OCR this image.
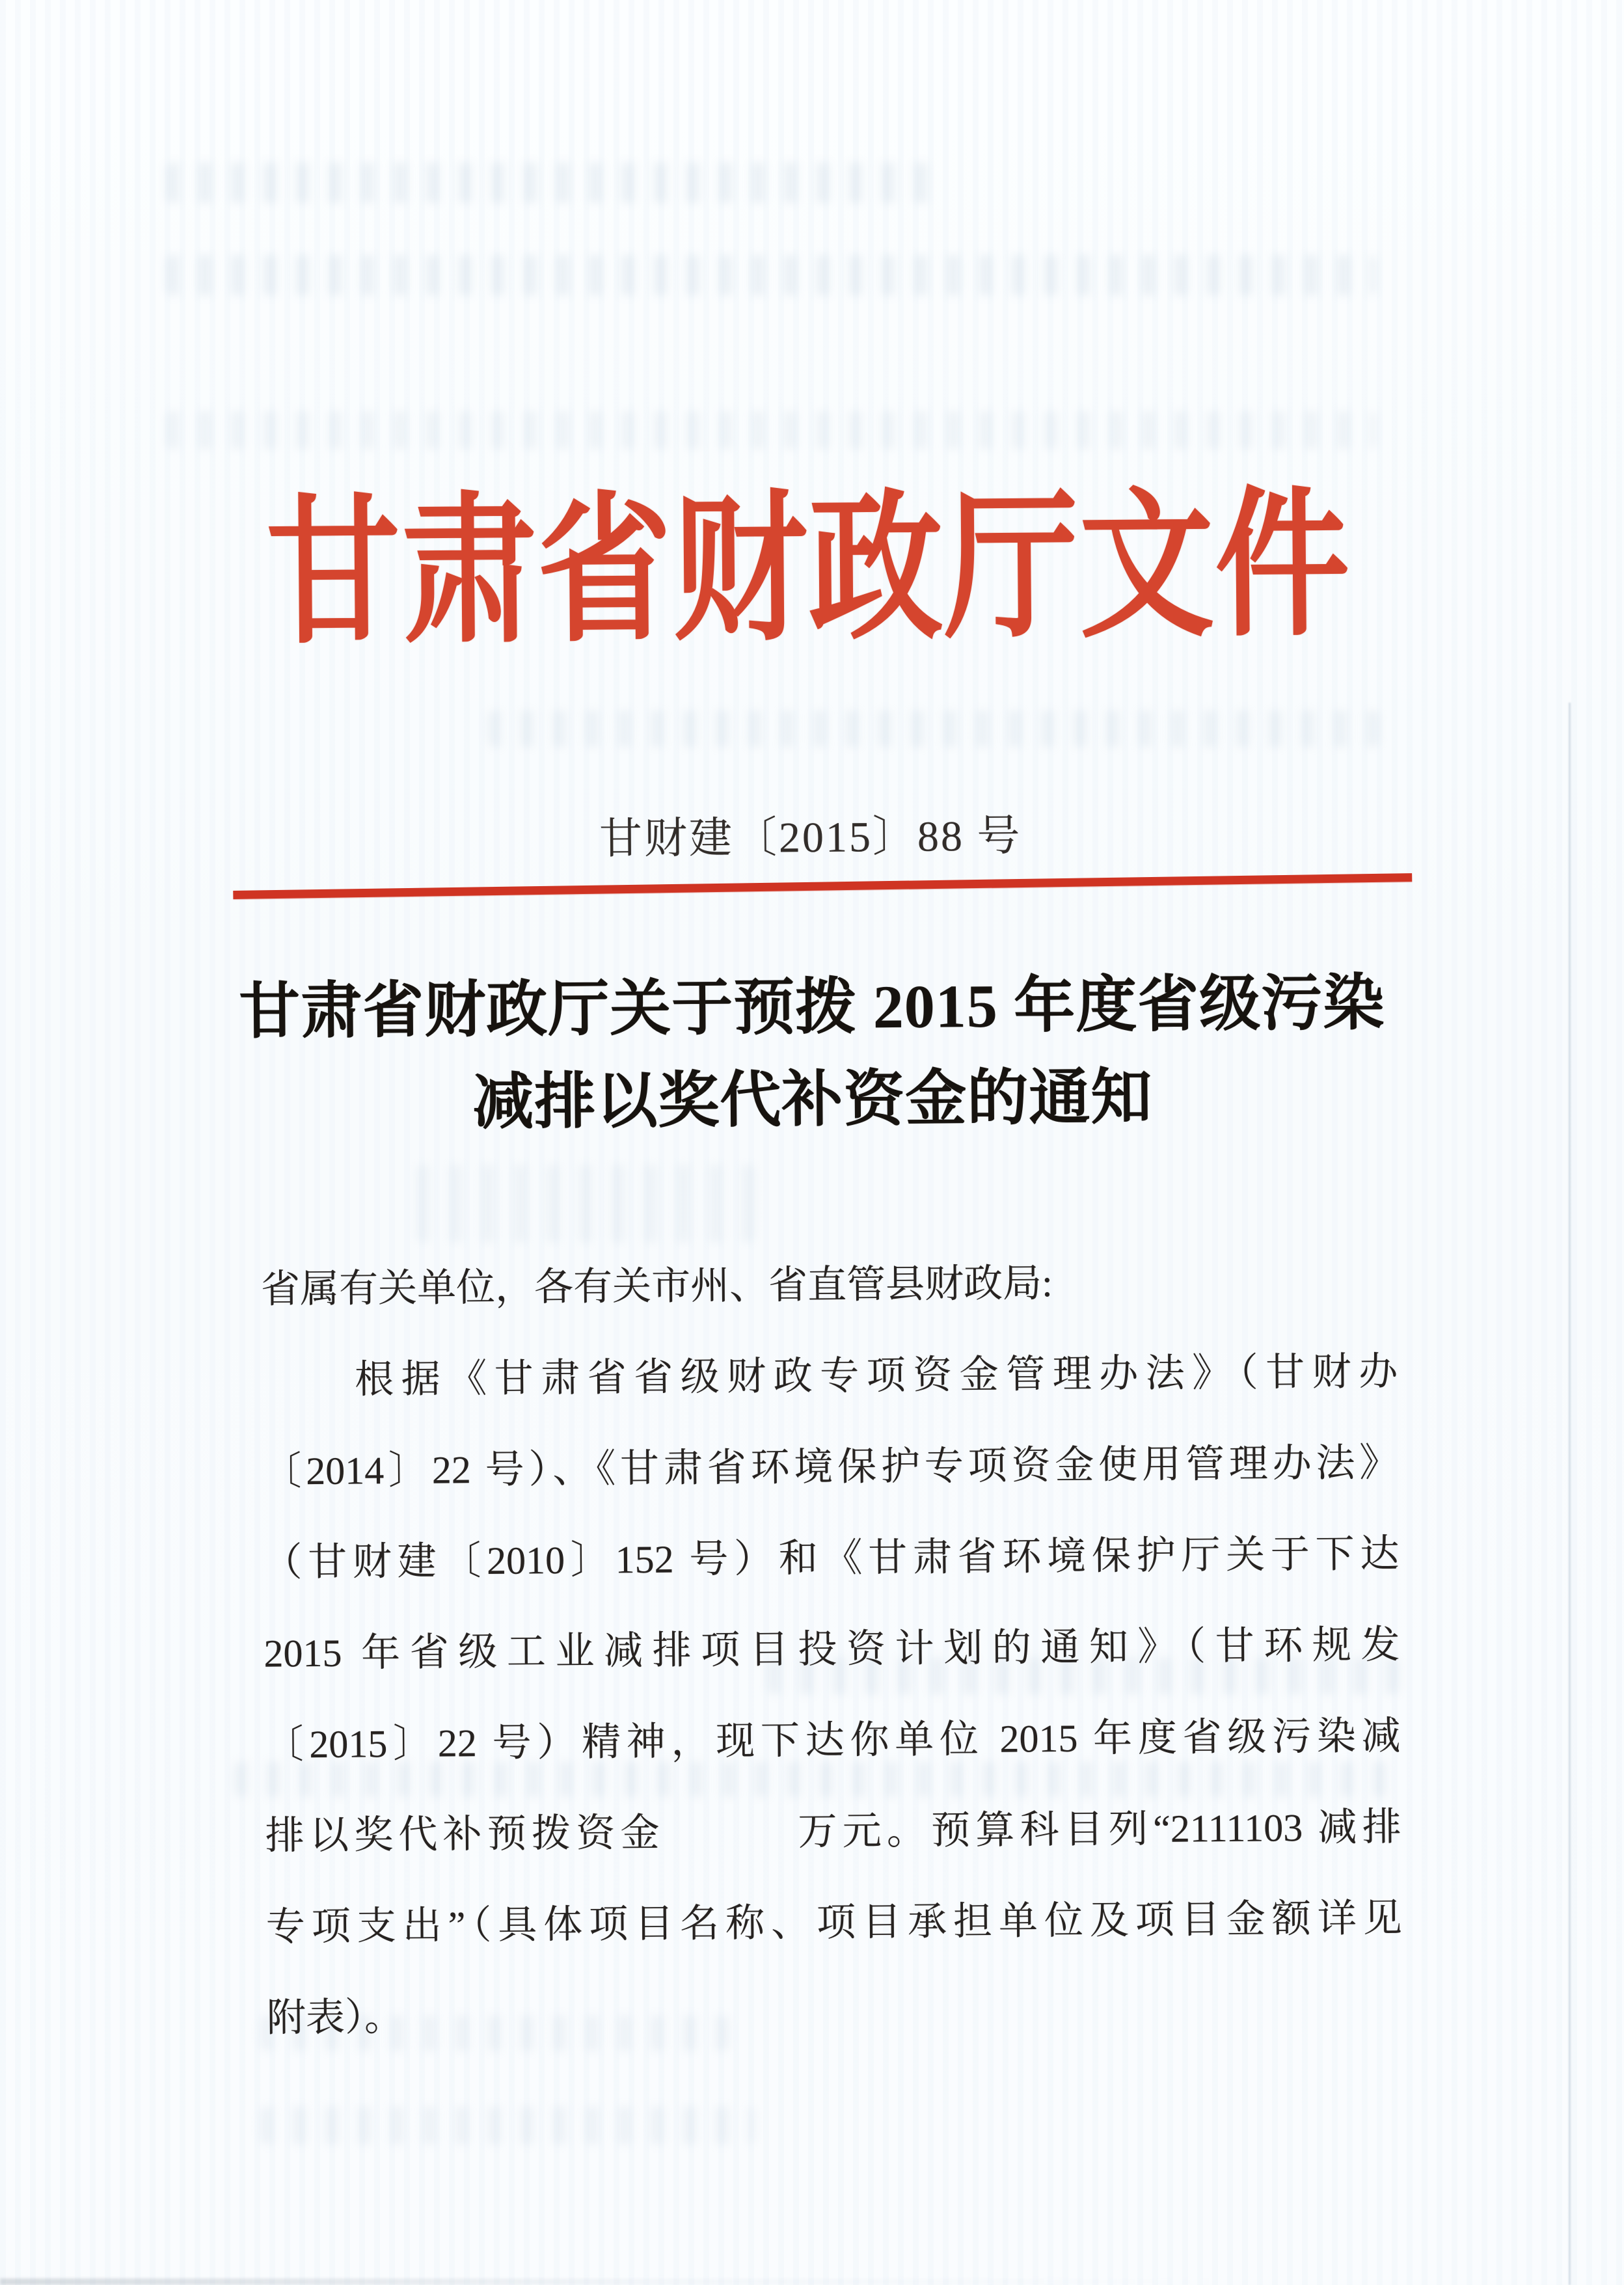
甘肃省财政厅文件
甘财建〔2015〕88 号
甘肃省财政厅关于预拨 2015 年度省级污染
减排以奖代补资金的通知
省属有关单位，各有关市州、省直管县财政局:
　　根据《甘肃省省级财政专项资金管理办法》（甘财办
〔2014〕22 号）、《甘肃省环境保护专项资金使用管理办法》
（甘财建〔2010〕152 号）和《甘肃省环境保护厅关于下达
2015 年省级工业减排项目投资计划的通知》（甘环规发
〔2015〕22 号）精神，现下达你单位 2015 年度省级污染减
排以奖代补预拨资金　　　万元。预算科目列“2111103 减排
专项支出”（具体项目名称、项目承担单位及项目金额详见
附表）。
